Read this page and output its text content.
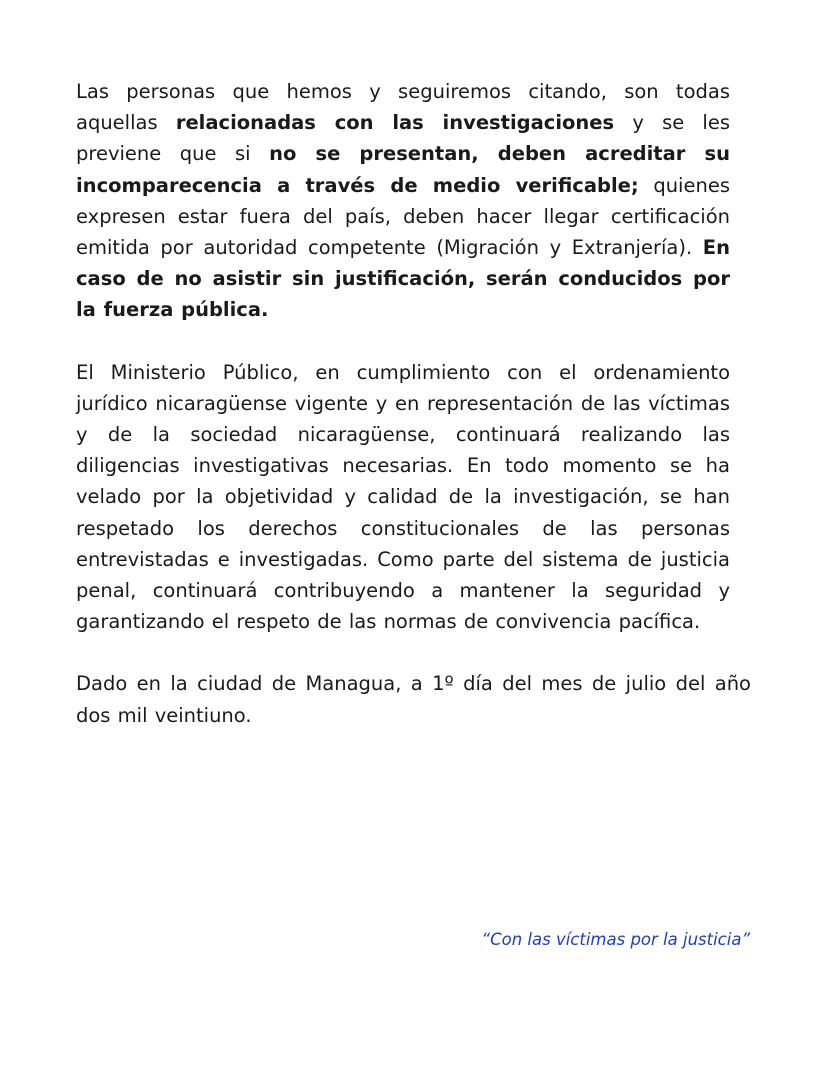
Las personas que hemos y seguiremos citando, son todas aquellas relacionadas con las investigaciones y se les previene que si no se presentan, deben acreditar su incomparecencia a través de medio verificable; quienes expresen estar fuera del país, deben hacer llegar certificación emitida por autoridad competente (Migración y Extranjería). En caso de no asistir sin justificación, serán conducidos por la fuerza pública.

El Ministerio Público, en cumplimiento con el ordenamiento jurídico nicaragüense vigente y en representación de las víctimas y de la sociedad nicaragüense, continuará realizando las diligencias investigativas necesarias. En todo momento se ha velado por la objetividad y calidad de la investigación, se han respetado los derechos constitucionales de las personas entrevistadas e investigadas. Como parte del sistema de justicia penal, continuará contribuyendo a mantener la seguridad y garantizando el respeto de las normas de convivencia pacífica.

Dado en la ciudad de Managua, a 1º día del mes de julio del año dos mil veintiuno.

“Con las víctimas por la justicia”
